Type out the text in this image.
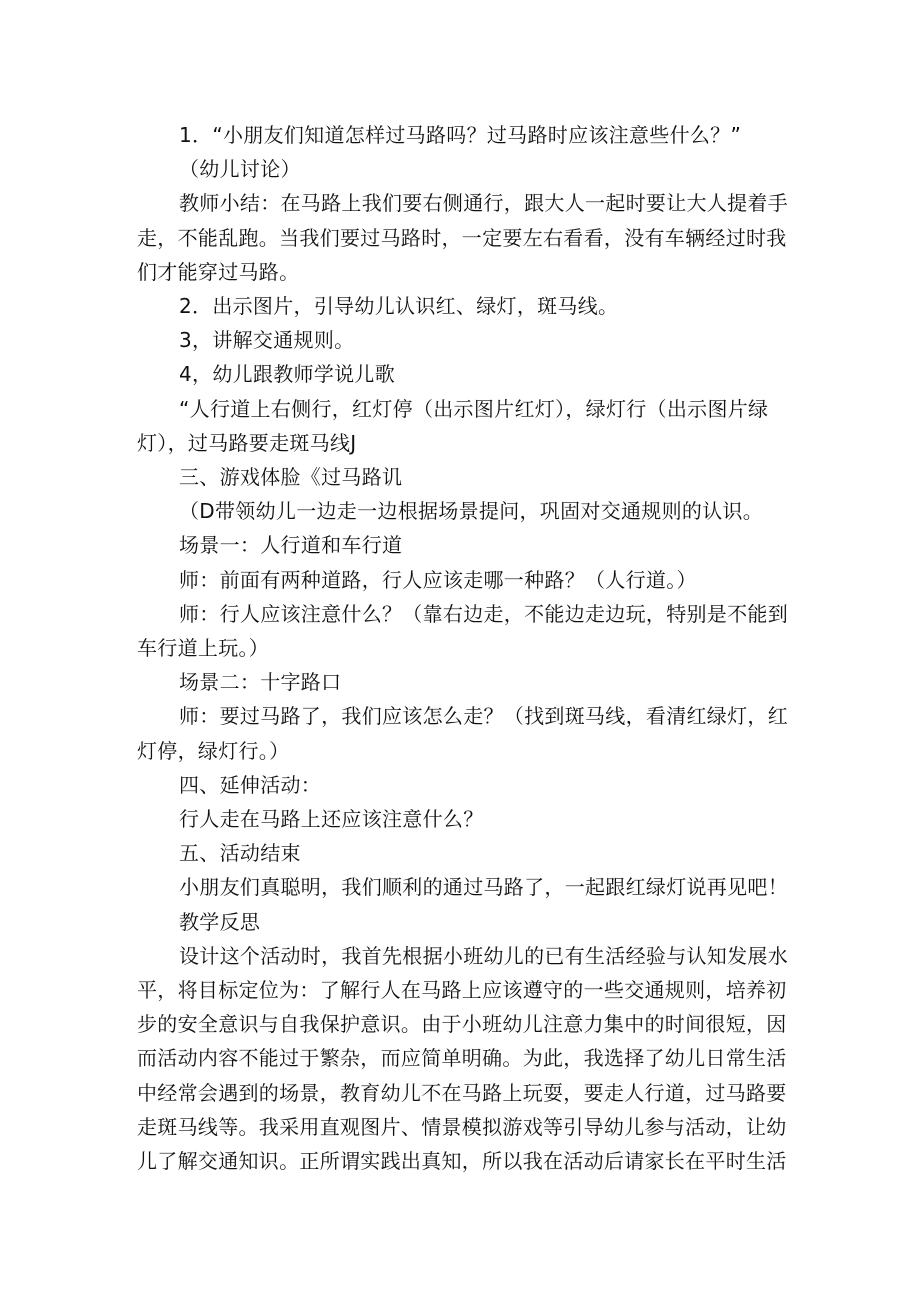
1．“小朋友们知道怎样过马路吗？过马路时应该注意些什么？”
（幼儿讨论）
教师小结：在马路上我们要右侧通行，跟大人一起时要让大人提着手
走，不能乱跑。当我们要过马路时，一定要左右看看，没有车辆经过时我
们才能穿过马路。
2．出示图片，引导幼儿认识红、绿灯，斑马线。
3，讲解交通规则。
4，幼儿跟教师学说儿歌
“人行道上右侧行，红灯停（出示图片红灯），绿灯行（出示图片绿
灯），过马路要走斑马线J
三、游戏体脸《过马路讥
（D带领幼儿一边走一边根据场景提问，巩固对交通规则的认识。
场景一：人行道和车行道
师：前面有两种道路，行人应该走哪一种路？（人行道。）
师：行人应该注意什么？（靠右边走，不能边走边玩，特别是不能到
车行道上玩。）
场景二：十字路口
师：要过马路了，我们应该怎么走？（找到斑马线，看清红绿灯，红
灯停，绿灯行。）
四、延伸活动：
行人走在马路上还应该注意什么？
五、活动结束
小朋友们真聪明，我们顺利的通过马路了，一起跟红绿灯说再见吧！
教学反思
设计这个活动时，我首先根据小班幼儿的已有生活经验与认知发展水
平，将目标定位为：了解行人在马路上应该遵守的一些交通规则，培养初
步的安全意识与自我保护意识。由于小班幼儿注意力集中的时间很短，因
而活动内容不能过于繁杂，而应简单明确。为此，我选择了幼儿日常生活
中经常会遇到的场景，教育幼儿不在马路上玩耍，要走人行道，过马路要
走斑马线等。我采用直观图片、情景模拟游戏等引导幼儿参与活动，让幼
儿了解交通知识。正所谓实践出真知，所以我在活动后请家长在平时生活
